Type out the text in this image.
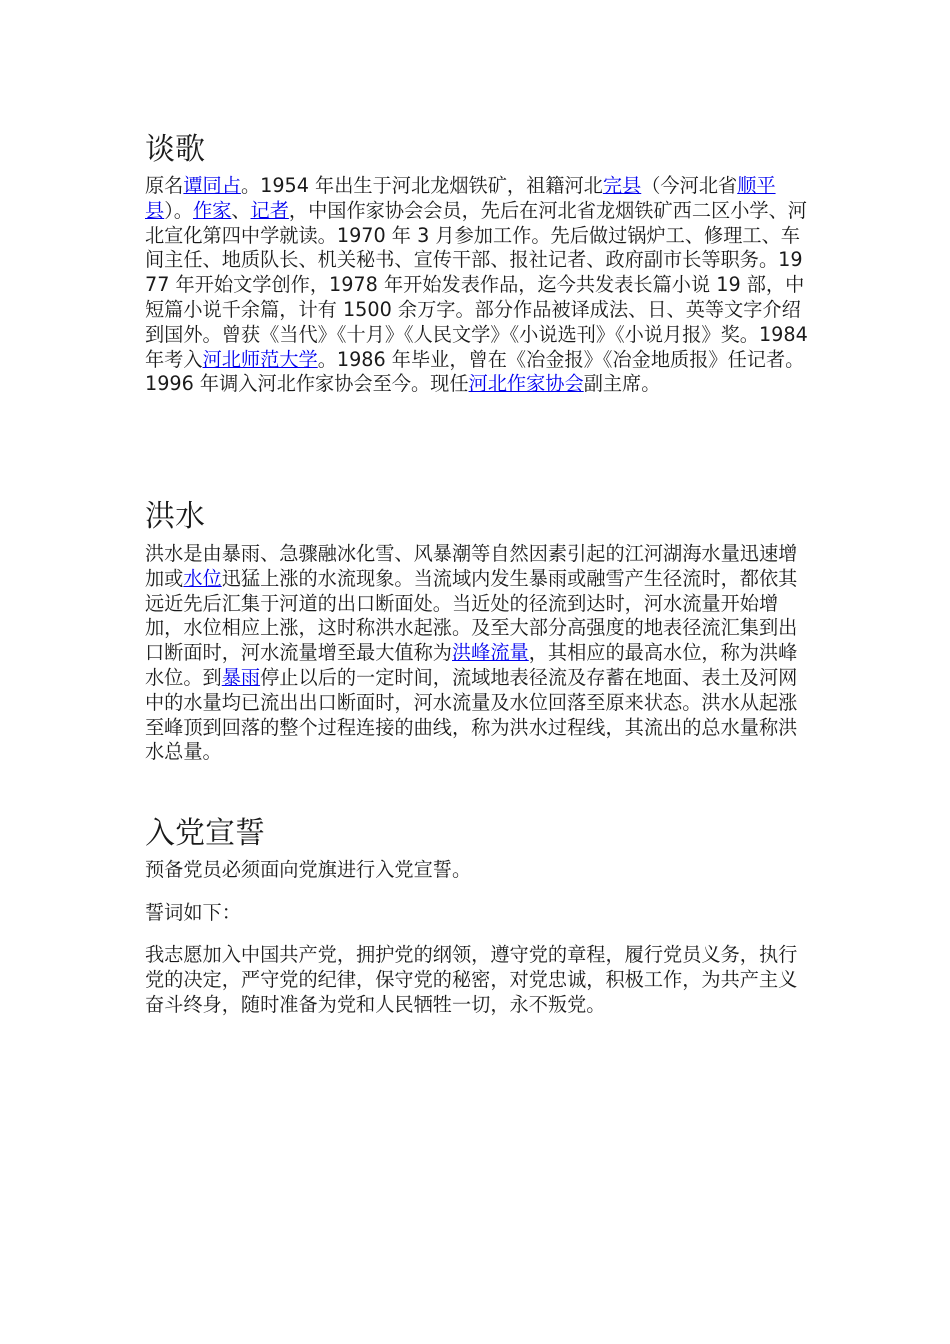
谈歌

原名谭同占。1954 年出生于河北龙烟铁矿，祖籍河北完县（今河北省顺平县）。作家、记者，中国作家协会会员，先后在河北省龙烟铁矿西二区小学、河北宣化第四中学就读。1970 年 3 月参加工作。先后做过锅炉工、修理工、车间主任、地质队长、机关秘书、宣传干部、报社记者、政府副市长等职务。1977 年开始文学创作，1978 年开始发表作品，迄今共发表长篇小说 19 部，中短篇小说千余篇，计有 1500 余万字。部分作品被译成法、日、英等文字介绍到国外。曾获《当代》《十月》《人民文学》《小说选刊》《小说月报》奖。1984 年考入河北师范大学。1986 年毕业，曾在《冶金报》《冶金地质报》任记者。1996 年调入河北作家协会至今。现任河北作家协会副主席。

洪水

洪水是由暴雨、急骤融冰化雪、风暴潮等自然因素引起的江河湖海水量迅速增加或水位迅猛上涨的水流现象。当流域内发生暴雨或融雪产生径流时，都依其远近先后汇集于河道的出口断面处。当近处的径流到达时，河水流量开始增加，水位相应上涨，这时称洪水起涨。及至大部分高强度的地表径流汇集到出口断面时，河水流量增至最大值称为洪峰流量，其相应的最高水位，称为洪峰水位。到暴雨停止以后的一定时间，流域地表径流及存蓄在地面、表土及河网中的水量均已流出出口断面时，河水流量及水位回落至原来状态。洪水从起涨至峰顶到回落的整个过程连接的曲线，称为洪水过程线，其流出的总水量称洪水总量。

入党宣誓

预备党员必须面向党旗进行入党宣誓。

誓词如下：

我志愿加入中国共产党，拥护党的纲领，遵守党的章程，履行党员义务，执行党的决定，严守党的纪律，保守党的秘密，对党忠诚，积极工作，为共产主义奋斗终身，随时准备为党和人民牺牲一切，永不叛党。
